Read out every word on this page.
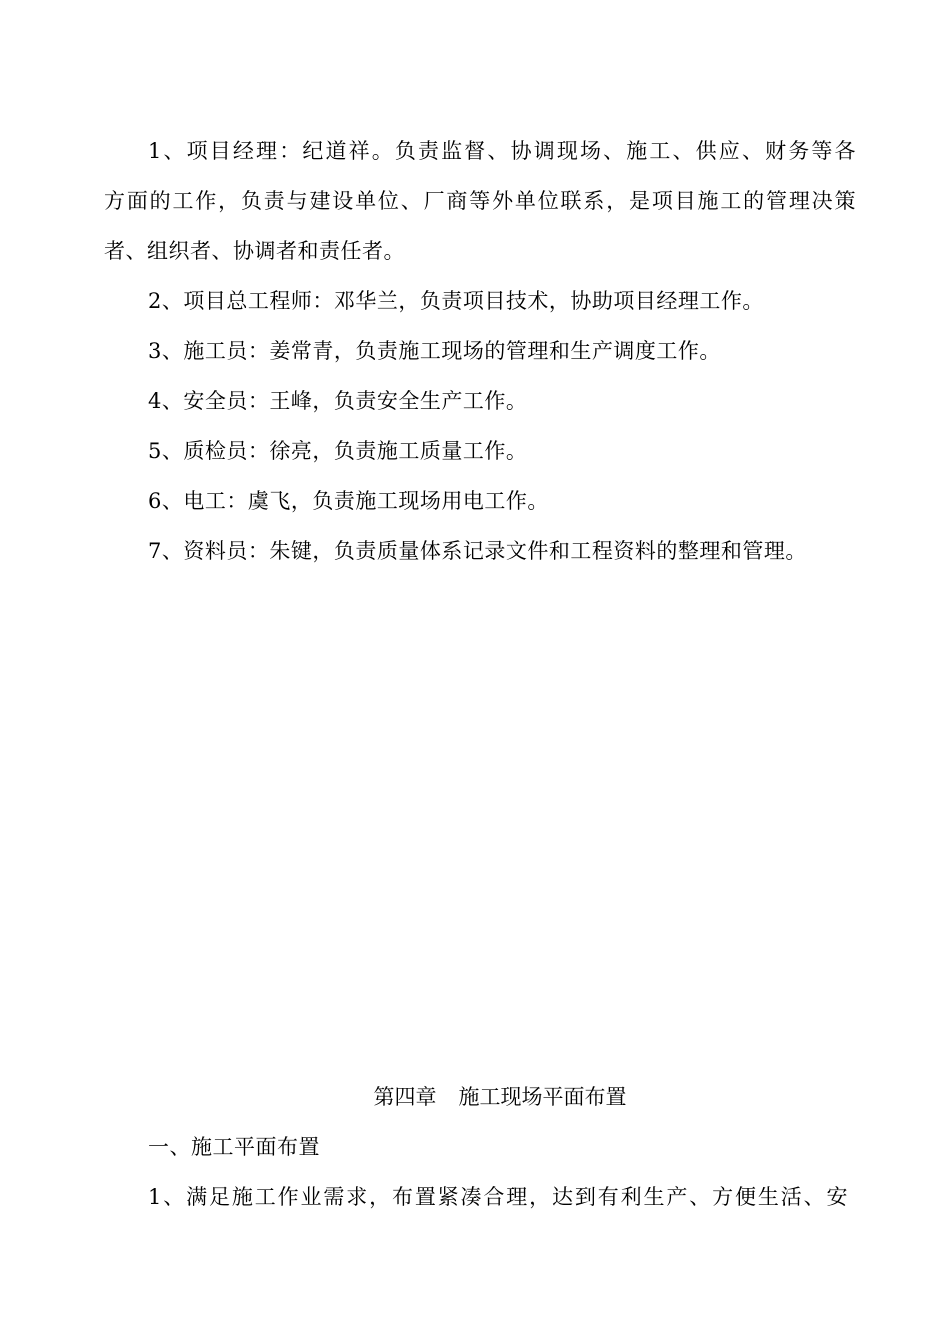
1、项目经理：纪道祥。负责监督、协调现场、施工、供应、财务等各
方面的工作，负责与建设单位、厂商等外单位联系，是项目施工的管理决策
者、组织者、协调者和责任者。
2、项目总工程师：邓华兰，负责项目技术，协助项目经理工作。
3、施工员：姜常青，负责施工现场的管理和生产调度工作。
4、安全员：王峰，负责安全生产工作。
5、质检员：徐亮，负责施工质量工作。
6、电工：虞飞，负责施工现场用电工作。
7、资料员：朱键，负责质量体系记录文件和工程资料的整理和管理。
第四章 施工现场平面布置
一、施工平面布置
1、满足施工作业需求，布置紧凑合理，达到有利生产、方便生活、安
